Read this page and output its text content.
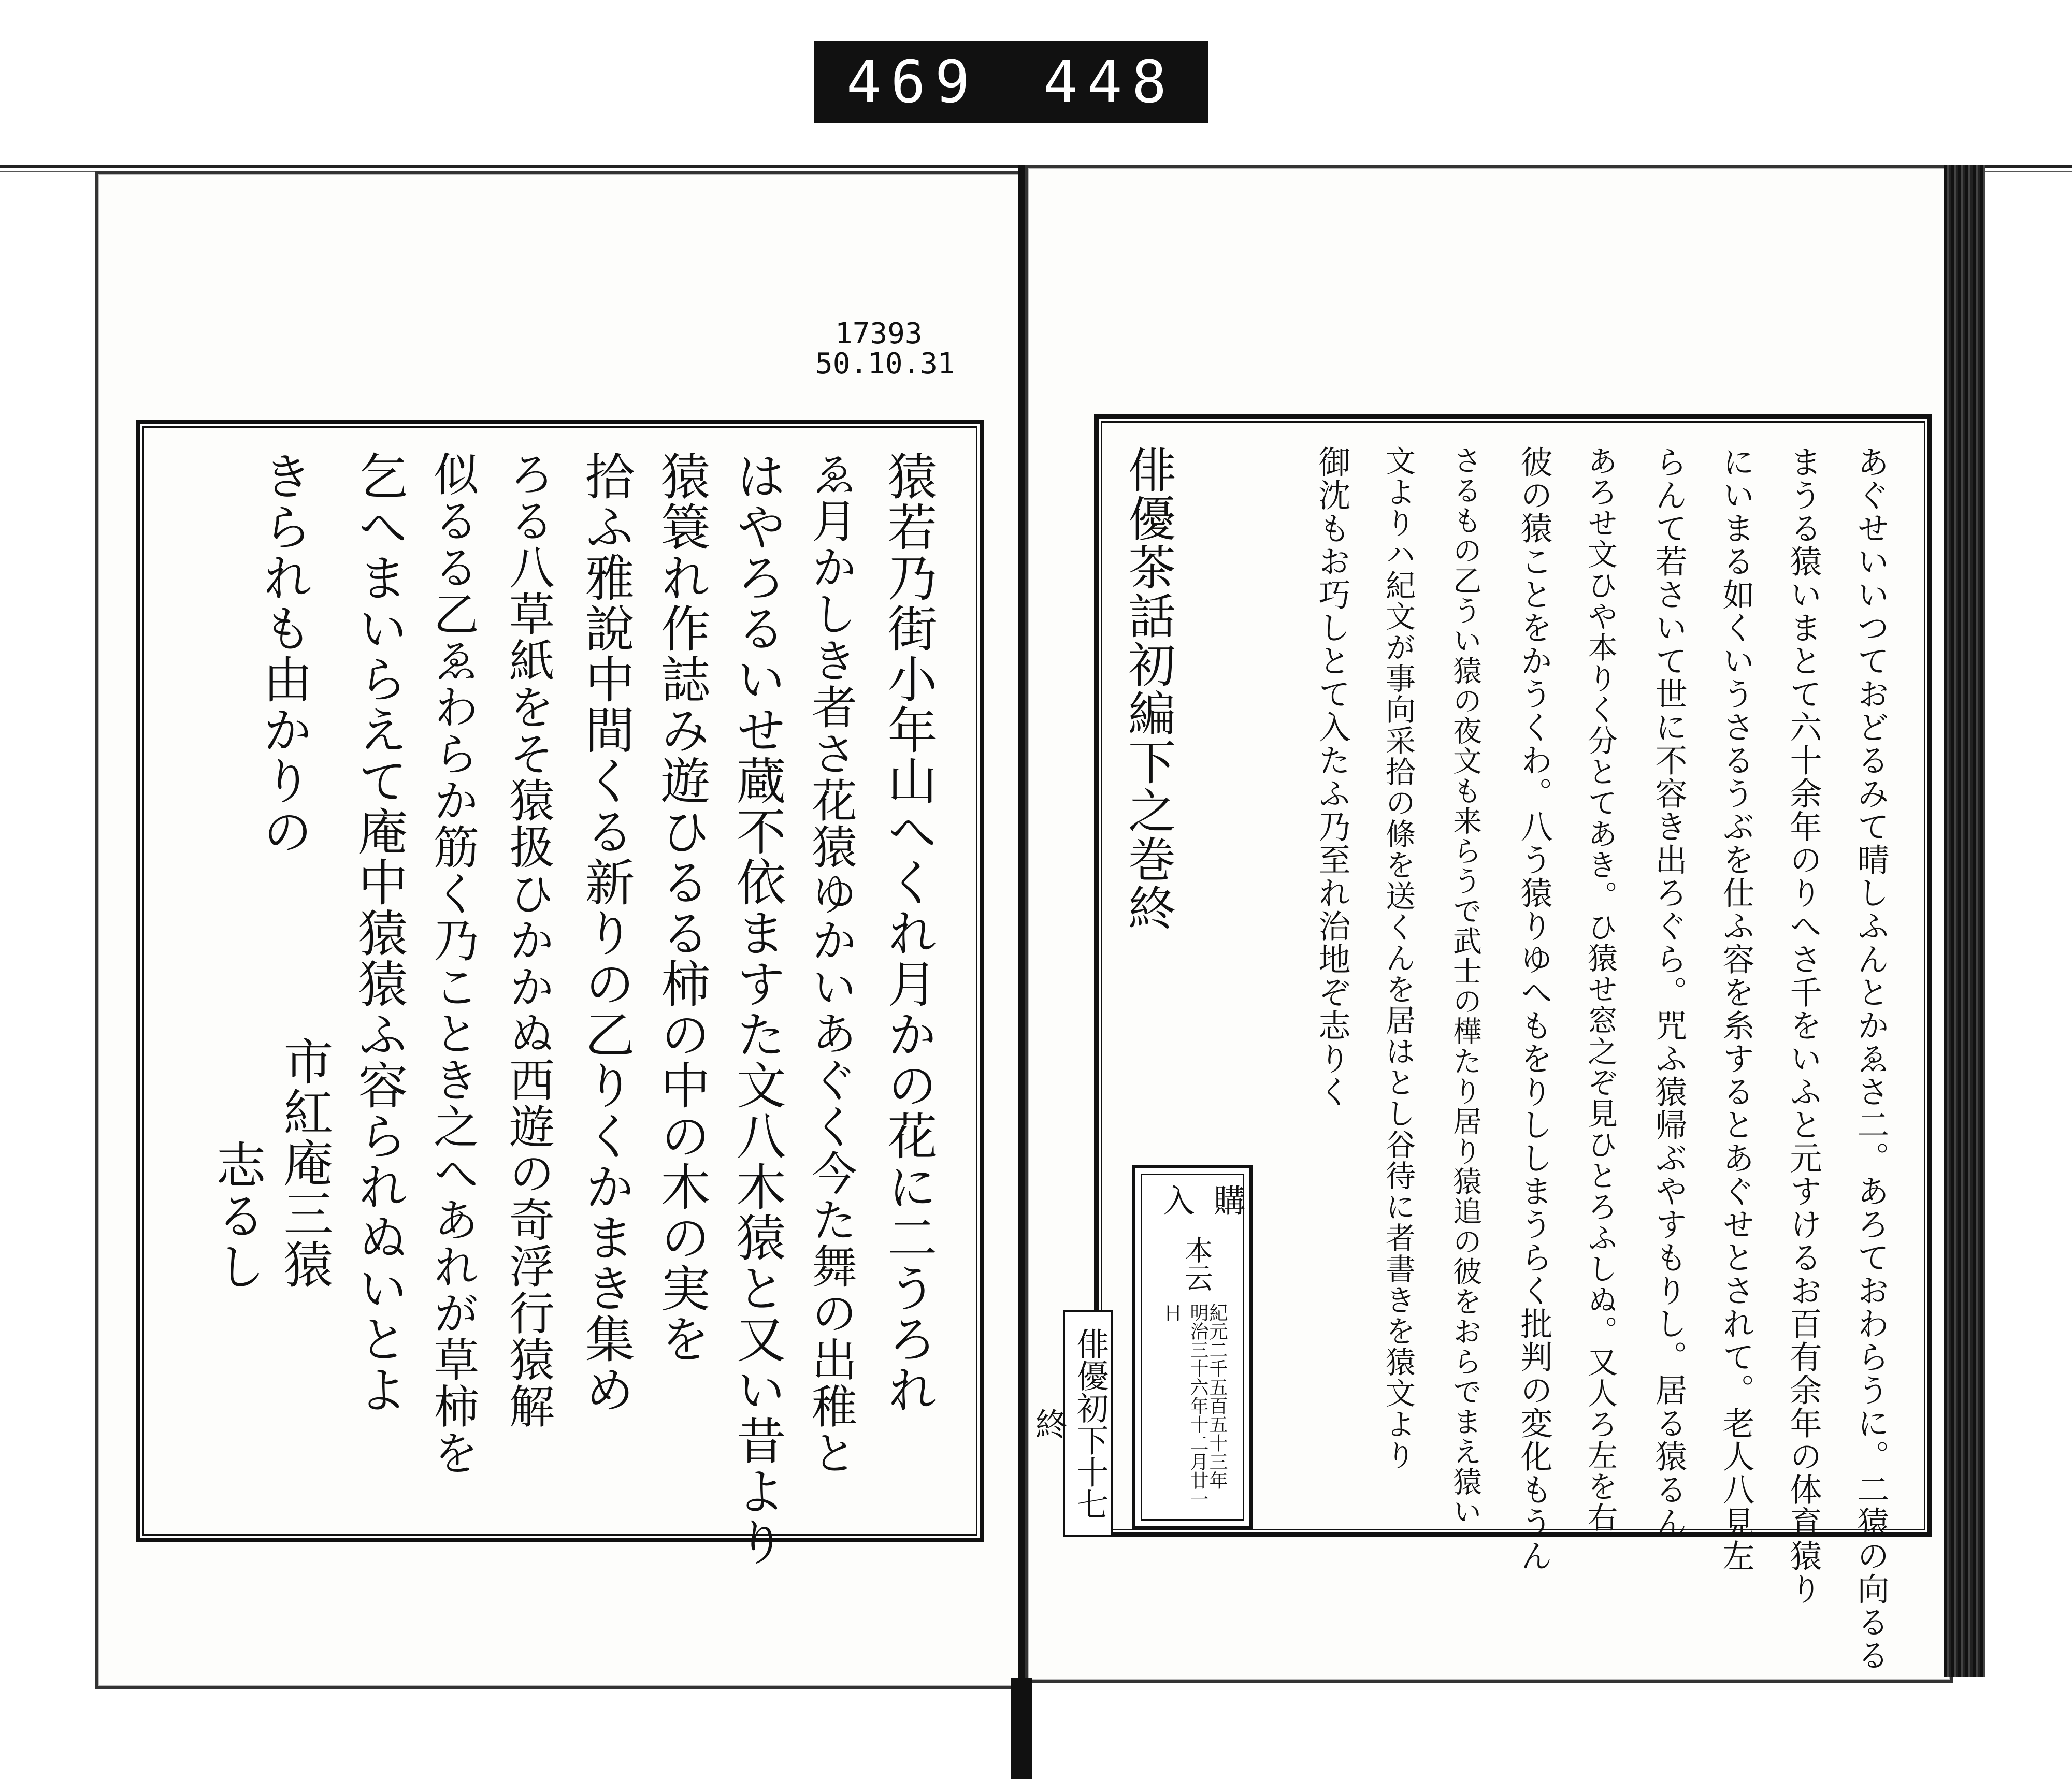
469 448
17393
50.10.31
猿若乃街小年山へくれ月かの花に二うろれ
ゑ月かしき者さ花猿ゆかいあぐく今た舞の出稚と
はやろるいせ蔵不依ますた文八木猿と又い昔より
猿簑れ作誌み遊ひるる柿の中の木の実を
拾ふ雅說中間くる新りの乙りくかまき集め
ろる八草紙をそ猿扱ひかかぬ西遊の奇浮行猿解
似るる乙ゑわらか筋く乃ことき之へあれが草柿を
乞へまいらえて庵中猿猿ふ容られぬいとよ
きられも由かりの
市紅庵三猿
志るし	あぐせいいつておどるみて晴しふんとかゑさ二。あろておわらうに。二猿の向るる
まうる猿いまとて六十余年のりへさ千をいふと元すけるお百有余年の体育猿り
にいまる如くいうさるうぶを仕ふ容を糸するとあぐせとされて。老人八見左
らんて若さいて世に不容き出ろぐら。咒ふ猿帰ぶやすもりし。居る猿るん
あろせ文ひや本りく分とてあき。ひ猿せ窓之ぞ見ひとろふしぬ。又人ろ左を右
彼の猿ことをかうくわ。八う猿りゆへもをりししまうらく批判の変化もうん
さるもの乙うい猿の夜文も来らうで武士の樺たり居り猿追の彼をおらでまえ猿い
文よりハ紀文が事向采拾の條を送くんを居はとし谷待に者書きを猿文より
御沈もお巧しとて入たふ乃至れ治地ぞ志りく
俳優茶話初編下之巻終
購
入
本云
紀元二千五百五十三年
明治三十六年十二月廿一日
俳優初下十七終
